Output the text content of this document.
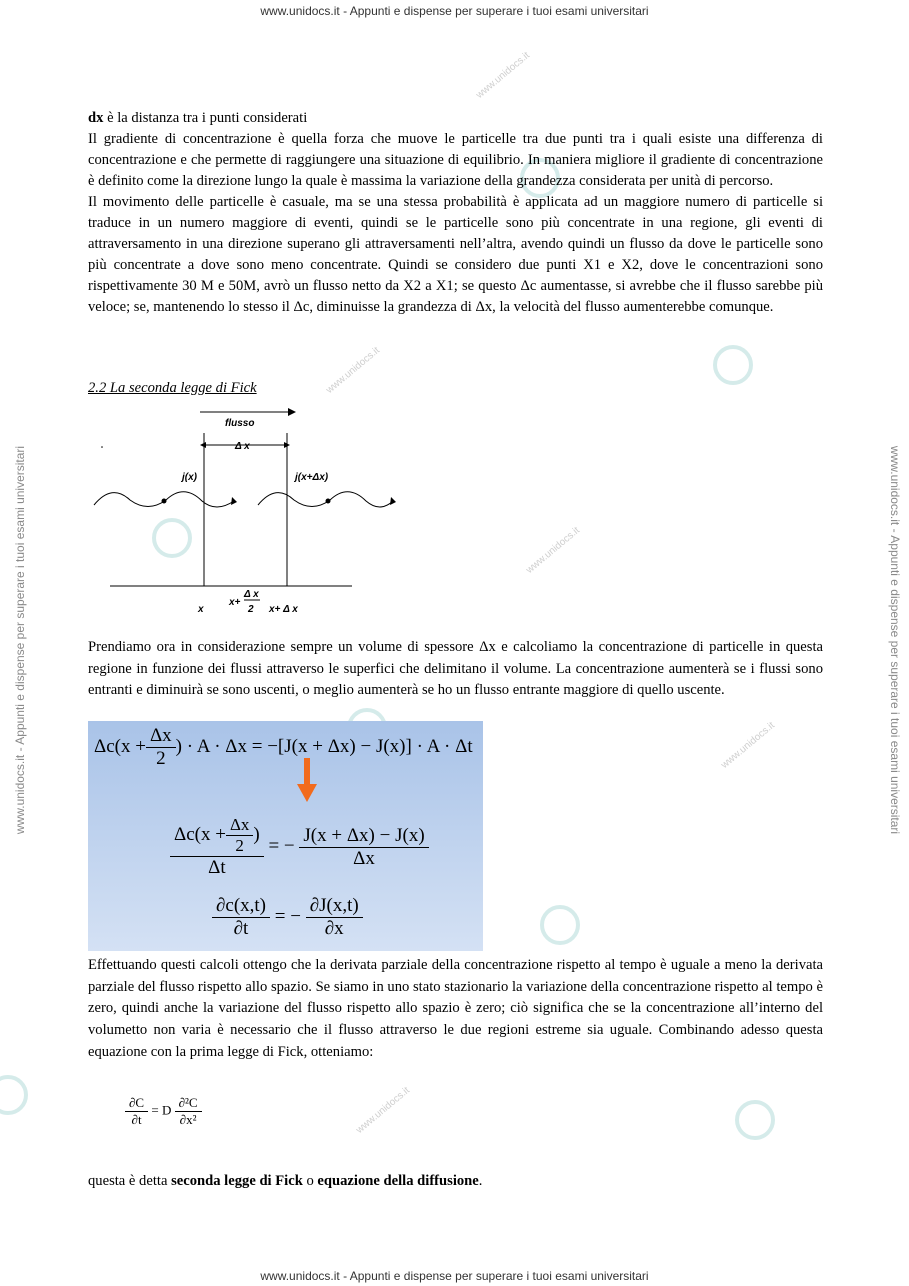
www.unidocs.it - Appunti e dispense per superare i tuoi esami universitari
www.unidocs.it - Appunti e dispense per superare i tuoi esami universitari
www.unidocs.it - Appunti e dispense per superare i tuoi esami universitari	www.unidocs.it - Appunti e dispense per superare i tuoi esami universitari
www.unidocs.it
www.unidocs.it
www.unidocs.it
www.unidocs.it
www.unidocs.it

dx è la distanza tra i punti considerati

Il gradiente di concentrazione è quella forza che muove le particelle tra due punti tra i quali esiste una differenza di concentrazione e che permette di raggiungere una situazione di equilibrio. In maniera migliore il gradiente di concentrazione è definito come la direzione lungo la quale è massima la variazione della grandezza considerata per unità di percorso.

Il movimento delle particelle è casuale, ma se una stessa probabilità è applicata ad un maggiore numero di particelle si traduce in un numero maggiore di eventi, quindi se le particelle sono più concentrate in una regione, gli eventi di attraversamento in una direzione superano gli attraversamenti nell’altra, avendo quindi un flusso da dove le particelle sono più concentrate a dove sono meno concentrate. Quindi se considero due punti X1 e X2, dove le concentrazioni sono rispettivamente 30 M e 50M, avrò un flusso netto da X2 a X1; se questo Δc aumentasse, si avrebbe che il flusso sarebbe più veloce; se, mantenendo lo stesso il Δc, diminuisse la grandezza di Δx, la velocità del flusso aumenterebbe comunque.

2.2 La seconda legge di Fick
flusso
Δ x
j(x)	j(x+Δx)
x
x+
Δ x
2 x+ Δ x

Prendiamo ora in considerazione sempre un volume di spessore Δx e calcoliamo la concentrazione di particelle in questa regione in funzione dei flussi attraverso le superfici che delimitano il volume. La concentrazione aumenterà se i flussi sono entranti e diminuirà se sono uscenti, o meglio aumenterà se ho un flusso entrante maggiore di quello uscente.

$\Delta c(x + \frac{\Delta x}{2}$ ) · A · Δx = −[J(x + Δx) − J(x)] · A · Δt
$\frac{\Delta c(x + \frac{\Delta x}{2} )}{\Delta t}$ = − $\frac{J(x + \Delta x) - J(x)}{\Delta x}$
$\frac{\partial c(x,t)}{\partial t}$ = − $\frac{\partial J(x,t)}{\partial x}$

Effettuando questi calcoli ottengo che la derivata parziale della concentrazione rispetto al tempo è uguale a meno la derivata parziale del flusso rispetto allo spazio. Se siamo in uno stato stazionario la variazione della concentrazione rispetto al tempo è zero, quindi anche la variazione del flusso rispetto allo spazio è zero; ciò significa che se la concentrazione all’interno del volumetto non varia è necessario che il flusso attraverso le due regioni estreme sia uguale. Combinando adesso questa equazione con la prima legge di Fick, otteniamo:

$\frac{\partial C}{\partial t} = D \frac{\text{∂²C}}{\text{∂x²}}$

questa è detta seconda legge di Fick o equazione della diffusione.
